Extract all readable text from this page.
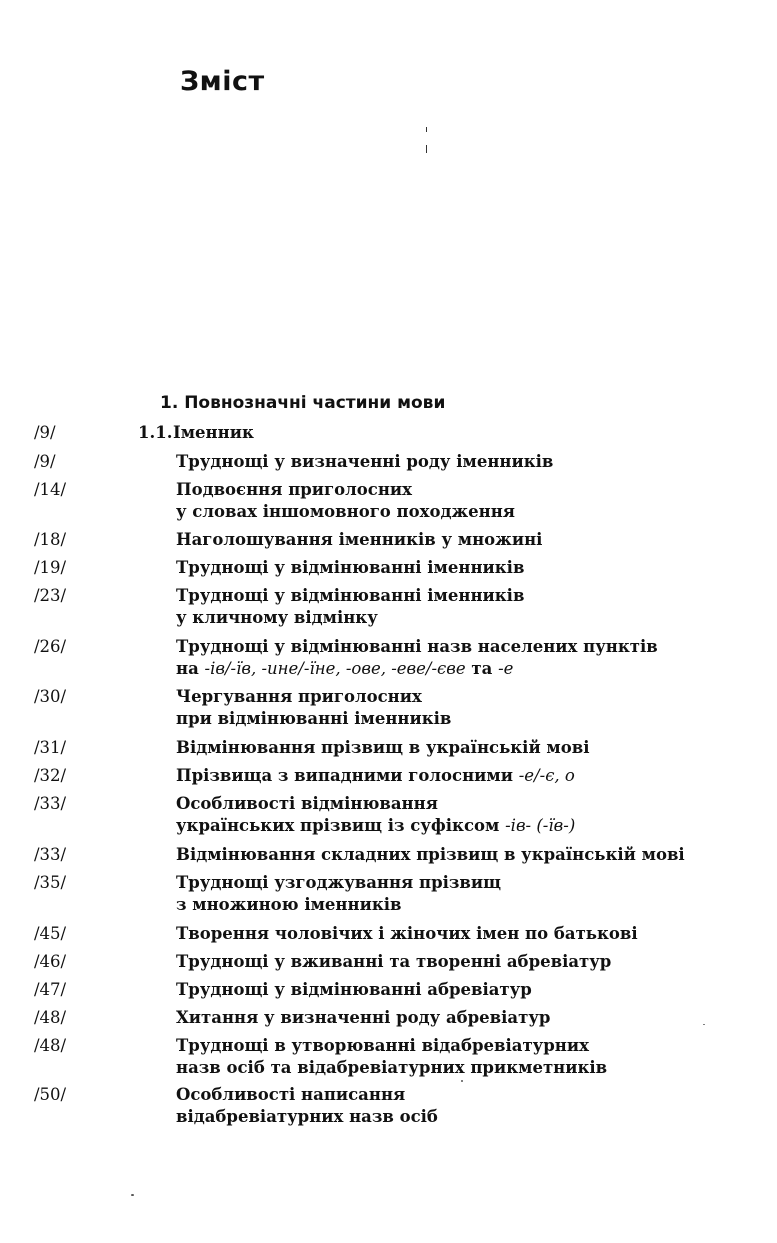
Зміст
1. Повнозначні частини мови
/9/	1.1. Іменник
/9/	Труднощі у визначенні роду іменників
/14/	Подвоєння приголосних
у словах іншомовного походження
/18/	Наголошування іменників у множині
/19/	Труднощі у відмінюванні іменників
/23/	Труднощі у відмінюванні іменників
у кличному відмінку
/26/	Труднощі у відмінюванні назв населених пунктів
на -ів/-їв, -ине/-їне, -ове, -еве/-єве та -е
/30/	Чергування приголосних
при відмінюванні іменників
/31/	Відмінювання прізвищ в українській мові
/32/	Прізвища з випадними голосними -е/-є, о
/33/	Особливості відмінювання
українських прізвищ із суфіксом -ів- (-їв-)
/33/	Відмінювання складних прізвищ в українській мові
/35/	Труднощі узгоджування прізвищ
з множиною іменників
/45/	Творення чоловічих і жіночих імен по батькові
/46/	Труднощі у вживанні та творенні абревіатур
/47/	Труднощі у відмінюванні абревіатур
/48/	Хитання у визначенні роду абревіатур
/48/	Труднощі в утворюванні відабревіатурних
назв осіб та відабревіатурних прикметників
/50/	Особливості написання
відабревіатурних назв осіб
